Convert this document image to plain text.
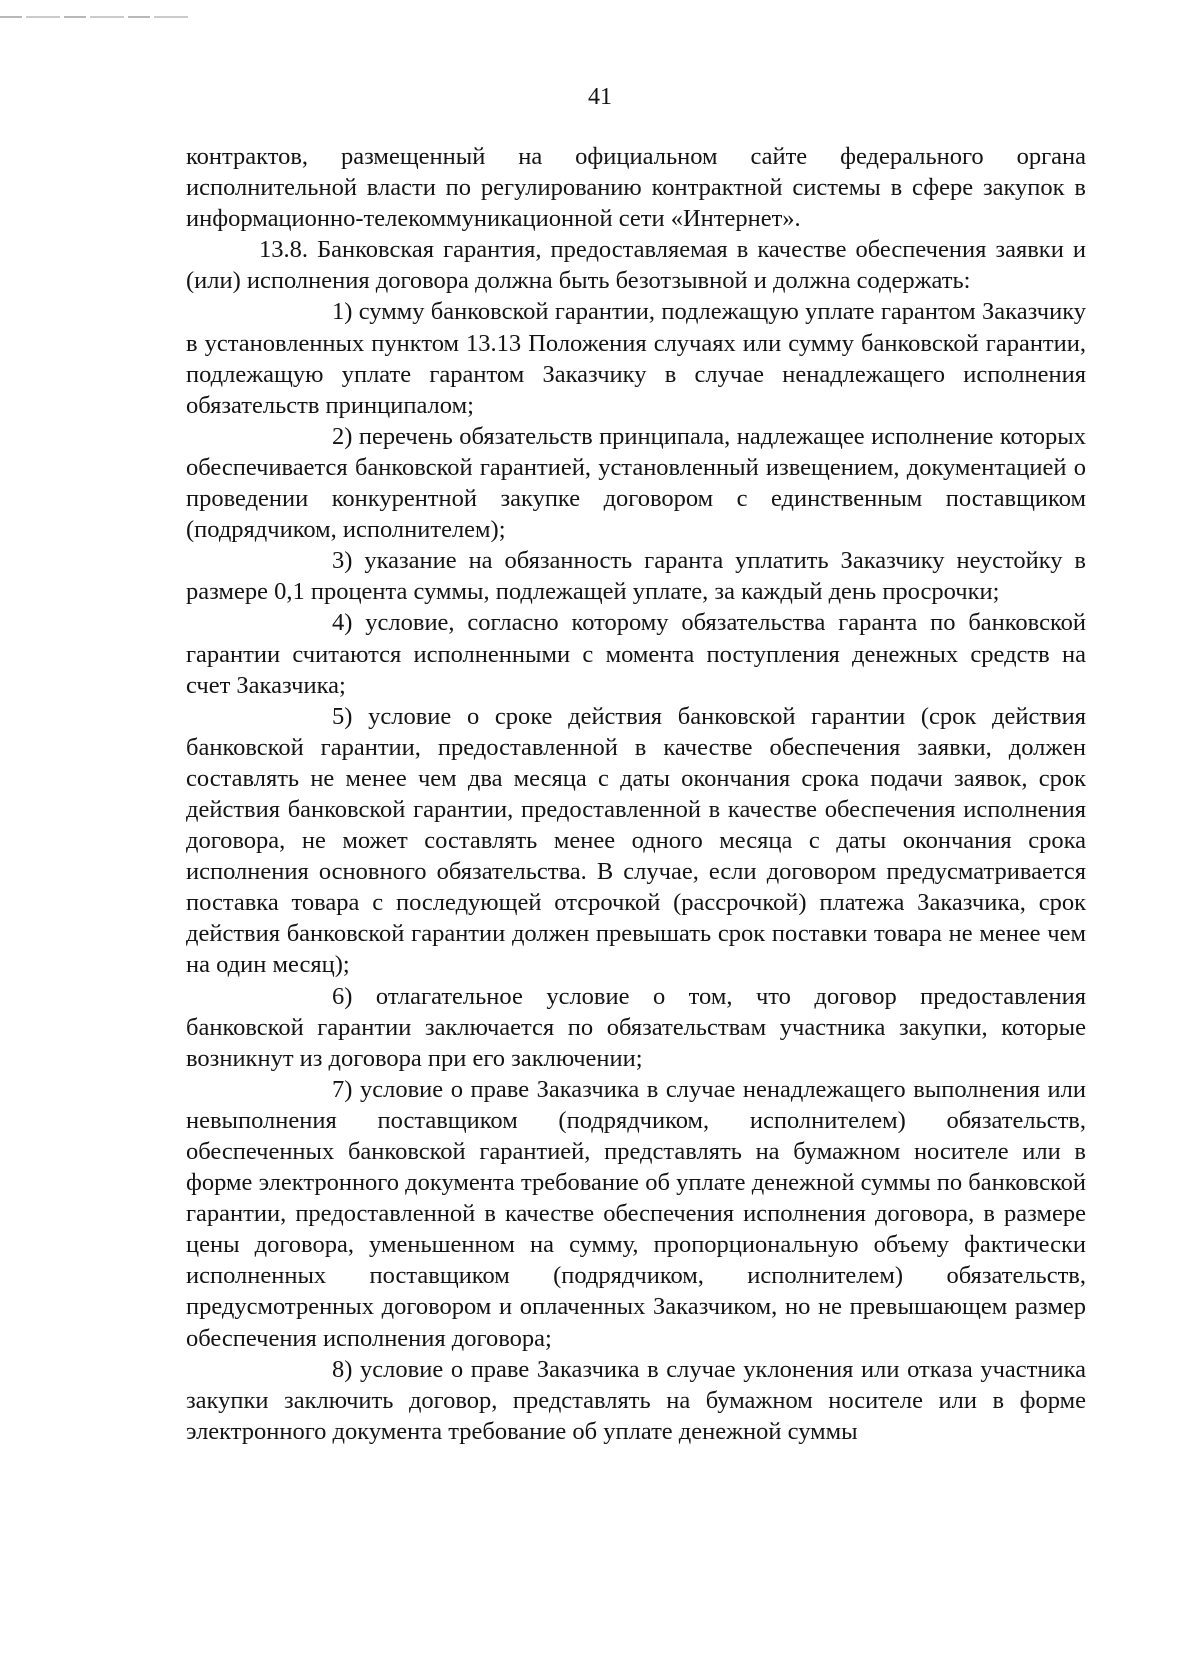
41

контрактов, размещенный на официальном сайте федерального органа исполнительной власти по регулированию контрактной системы в сфере закупок в информационно-телекоммуникационной сети «Интернет».

13.8. Банковская гарантия, предоставляемая в качестве обеспечения заявки и (или) исполнения договора должна быть безотзывной и должна содержать:

1) сумму банковской гарантии, подлежащую уплате гарантом Заказчику в установленных пунктом 13.13 Положения случаях или сумму банковской гарантии, подлежащую уплате гарантом Заказчику в случае ненадлежащего исполнения обязательств принципалом;

2) перечень обязательств принципала, надлежащее исполнение которых обеспечивается банковской гарантией, установленный извещением, документацией о проведении конкурентной закупке договором с единственным поставщиком (подрядчиком, исполнителем);

3) указание на обязанность гаранта уплатить Заказчику неустойку в размере 0,1 процента суммы, подлежащей уплате, за каждый день просрочки;

4) условие, согласно которому обязательства гаранта по банковской гарантии считаются исполненными с момента поступления денежных средств на счет Заказчика;

5) условие о сроке действия банковской гарантии (срок действия банковской гарантии, предоставленной в качестве обеспечения заявки, должен составлять не менее чем два месяца с даты окончания срока подачи заявок, срок действия банковской гарантии, предоставленной в качестве обеспечения исполнения договора, не может составлять менее одного месяца с даты окончания срока исполнения основного обязательства. В случае, если договором предусматривается поставка товара с последующей отсрочкой (рассрочкой) платежа Заказчика, срок действия банковской гарантии должен превышать срок поставки товара не менее чем на один месяц);

6) отлагательное условие о том, что договор предоставления банковской гарантии заключается по обязательствам участника закупки, которые возникнут из договора при его заключении;

7) условие о праве Заказчика в случае ненадлежащего выполнения или невыполнения поставщиком (подрядчиком, исполнителем) обязательств, обеспеченных банковской гарантией, представлять на бумажном носителе или в форме электронного документа требование об уплате денежной суммы по банковской гарантии, предоставленной в качестве обеспечения исполнения договора, в размере цены договора, уменьшенном на сумму, пропорциональную объему фактически исполненных поставщиком (подрядчиком, исполнителем) обязательств, предусмотренных договором и оплаченных Заказчиком, но не превышающем размер обеспечения исполнения договора;

8) условие о праве Заказчика в случае уклонения или отказа участника закупки заключить договор, представлять на бумажном носителе или в форме электронного документа требование об уплате денежной суммы
